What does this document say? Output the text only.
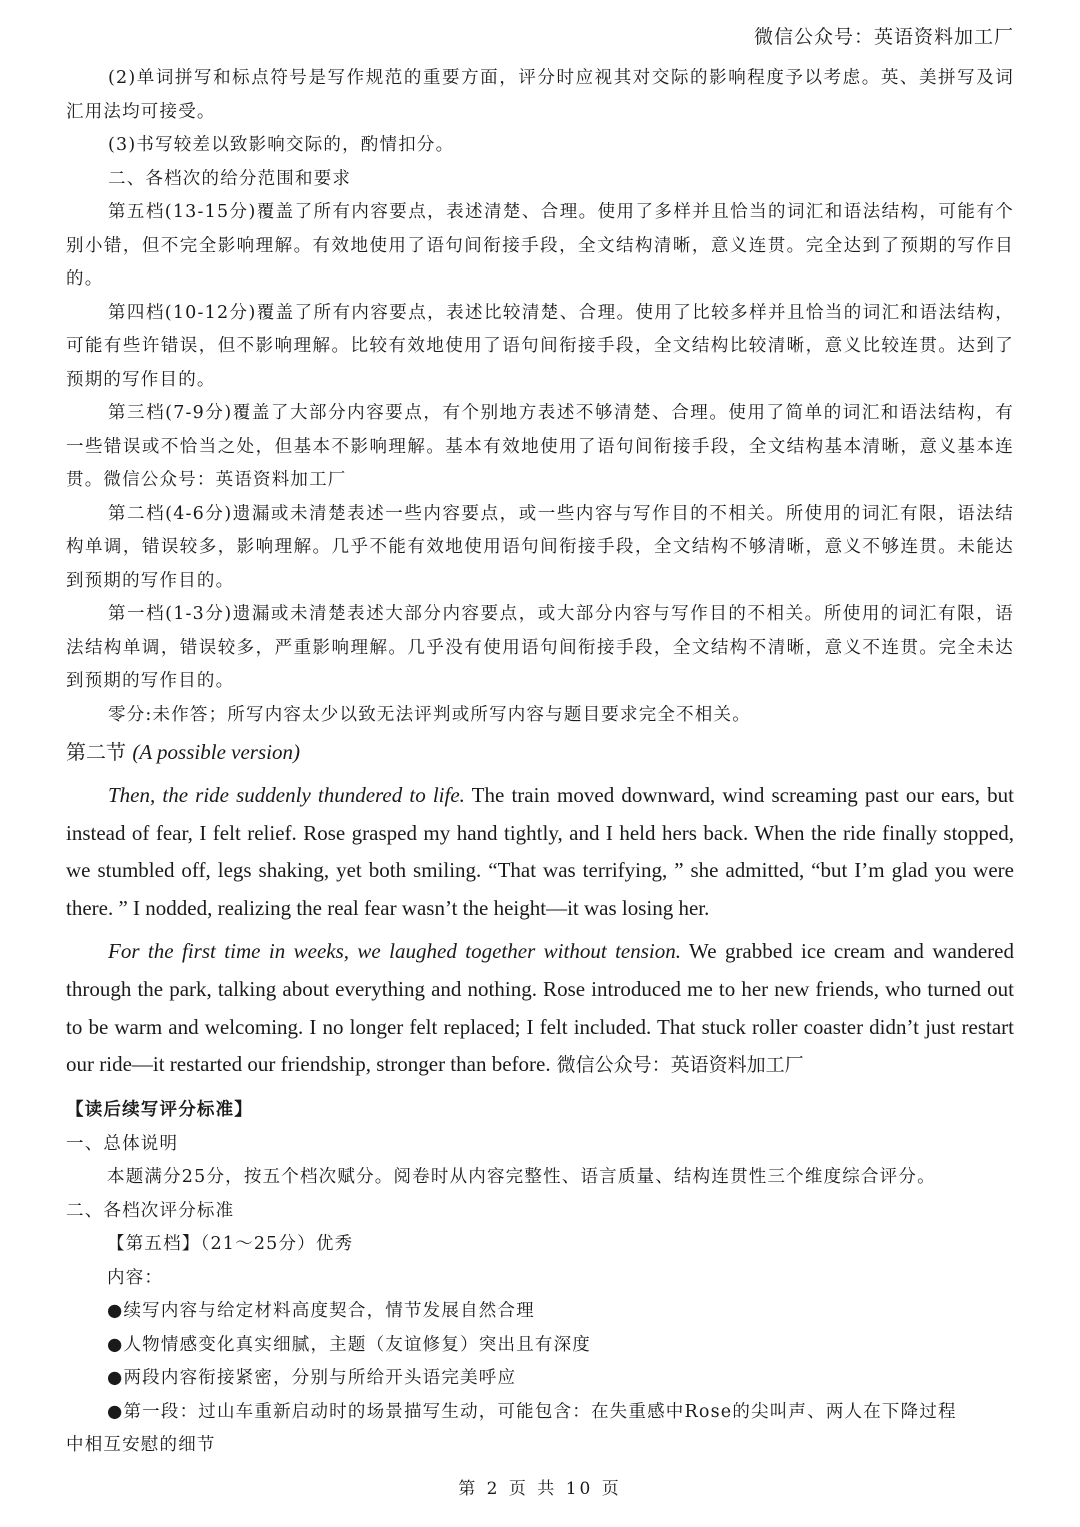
微信公众号：英语资料加工厂

(2)单词拼写和标点符号是写作规范的重要方面，评分时应视其对交际的影响程度予以考虑。英、美拼写及词汇用法均可接受。

(3)书写较差以致影响交际的，酌情扣分。

二、各档次的给分范围和要求

第五档(13-15分)覆盖了所有内容要点，表述清楚、合理。使用了多样并且恰当的词汇和语法结构，可能有个别小错，但不完全影响理解。有效地使用了语句间衔接手段，全文结构清晰，意义连贯。完全达到了预期的写作目的。

第四档(10-12分)覆盖了所有内容要点，表述比较清楚、合理。使用了比较多样并且恰当的词汇和语法结构，可能有些许错误，但不影响理解。比较有效地使用了语句间衔接手段，全文结构比较清晰，意义比较连贯。达到了预期的写作目的。

第三档(7-9分)覆盖了大部分内容要点，有个别地方表述不够清楚、合理。使用了简单的词汇和语法结构，有一些错误或不恰当之处，但基本不影响理解。基本有效地使用了语句间衔接手段，全文结构基本清晰，意义基本连贯。微信公众号：英语资料加工厂

第二档(4-6分)遗漏或未清楚表述一些内容要点，或一些内容与写作目的不相关。所使用的词汇有限，语法结构单调，错误较多，影响理解。几乎不能有效地使用语句间衔接手段，全文结构不够清晰，意义不够连贯。未能达到预期的写作目的。

第一档(1-3分)遗漏或未清楚表述大部分内容要点，或大部分内容与写作目的不相关。所使用的词汇有限，语法结构单调，错误较多，严重影响理解。几乎没有使用语句间衔接手段，全文结构不清晰，意义不连贯。完全未达到预期的写作目的。

零分:未作答；所写内容太少以致无法评判或所写内容与题目要求完全不相关。

第二节 (A possible version)

Then, the ride suddenly thundered to life. The train moved downward, wind screaming past our ears, but instead of fear, I felt relief. Rose grasped my hand tightly, and I held hers back. When the ride finally stopped, we stumbled off, legs shaking, yet both smiling. “That was terrifying, ” she admitted, “but I’m glad you were there. ” I nodded, realizing the real fear wasn’t the height—it was losing her.

For the first time in weeks, we laughed together without tension. We grabbed ice cream and wandered through the park, talking about everything and nothing. Rose introduced me to her new friends, who turned out to be warm and welcoming. I no longer felt replaced; I felt included. That stuck roller coaster didn’t just restart our ride—it restarted our friendship, stronger than before. 微信公众号：英语资料加工厂

【读后续写评分标准】

一、总体说明

本题满分25分，按五个档次赋分。阅卷时从内容完整性、语言质量、结构连贯性三个维度综合评分。

二、各档次评分标准

【第五档】（21～25分）优秀

内容：

●续写内容与给定材料高度契合，情节发展自然合理

●人物情感变化真实细腻，主题（友谊修复）突出且有深度

●两段内容衔接紧密，分别与所给开头语完美呼应

●第一段：过山车重新启动时的场景描写生动，可能包含：在失重感中Rose的尖叫声、两人在下降过程

中相互安慰的细节

第 2 页 共 10 页
